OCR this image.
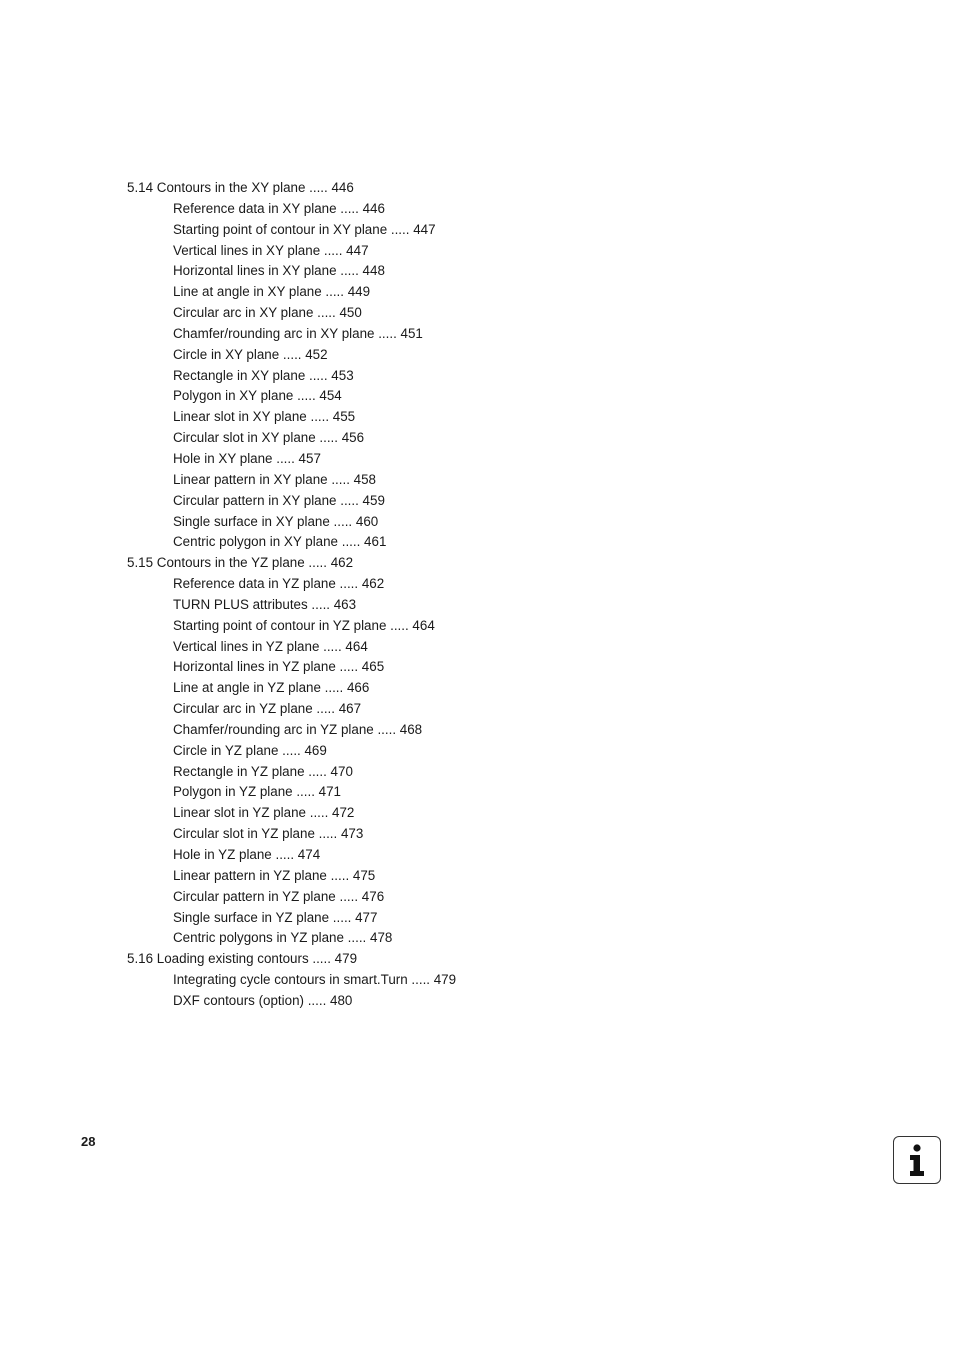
5.14 Contours in the XY plane ..... 446
Reference data in XY plane ..... 446
Starting point of contour in XY plane ..... 447
Vertical lines in XY plane ..... 447
Horizontal lines in XY plane ..... 448
Line at angle in XY plane ..... 449
Circular arc in XY plane ..... 450
Chamfer/rounding arc in XY plane ..... 451
Circle in XY plane ..... 452
Rectangle in XY plane ..... 453
Polygon in XY plane ..... 454
Linear slot in XY plane ..... 455
Circular slot in XY plane ..... 456
Hole in XY plane ..... 457
Linear pattern in XY plane ..... 458
Circular pattern in XY plane ..... 459
Single surface in XY plane ..... 460
Centric polygon in XY plane ..... 461
5.15 Contours in the YZ plane ..... 462
Reference data in YZ plane ..... 462
TURN PLUS attributes ..... 463
Starting point of contour in YZ plane ..... 464
Vertical lines in YZ plane ..... 464
Horizontal lines in YZ plane ..... 465
Line at angle in YZ plane ..... 466
Circular arc in YZ plane ..... 467
Chamfer/rounding arc in YZ plane ..... 468
Circle in YZ plane ..... 469
Rectangle in YZ plane ..... 470
Polygon in YZ plane ..... 471
Linear slot in YZ plane ..... 472
Circular slot in YZ plane ..... 473
Hole in YZ plane ..... 474
Linear pattern in YZ plane ..... 475
Circular pattern in YZ plane ..... 476
Single surface in YZ plane ..... 477
Centric polygons in YZ plane ..... 478
5.16 Loading existing contours ..... 479
Integrating cycle contours in smart.Turn ..... 479
DXF contours (option) ..... 480
28
